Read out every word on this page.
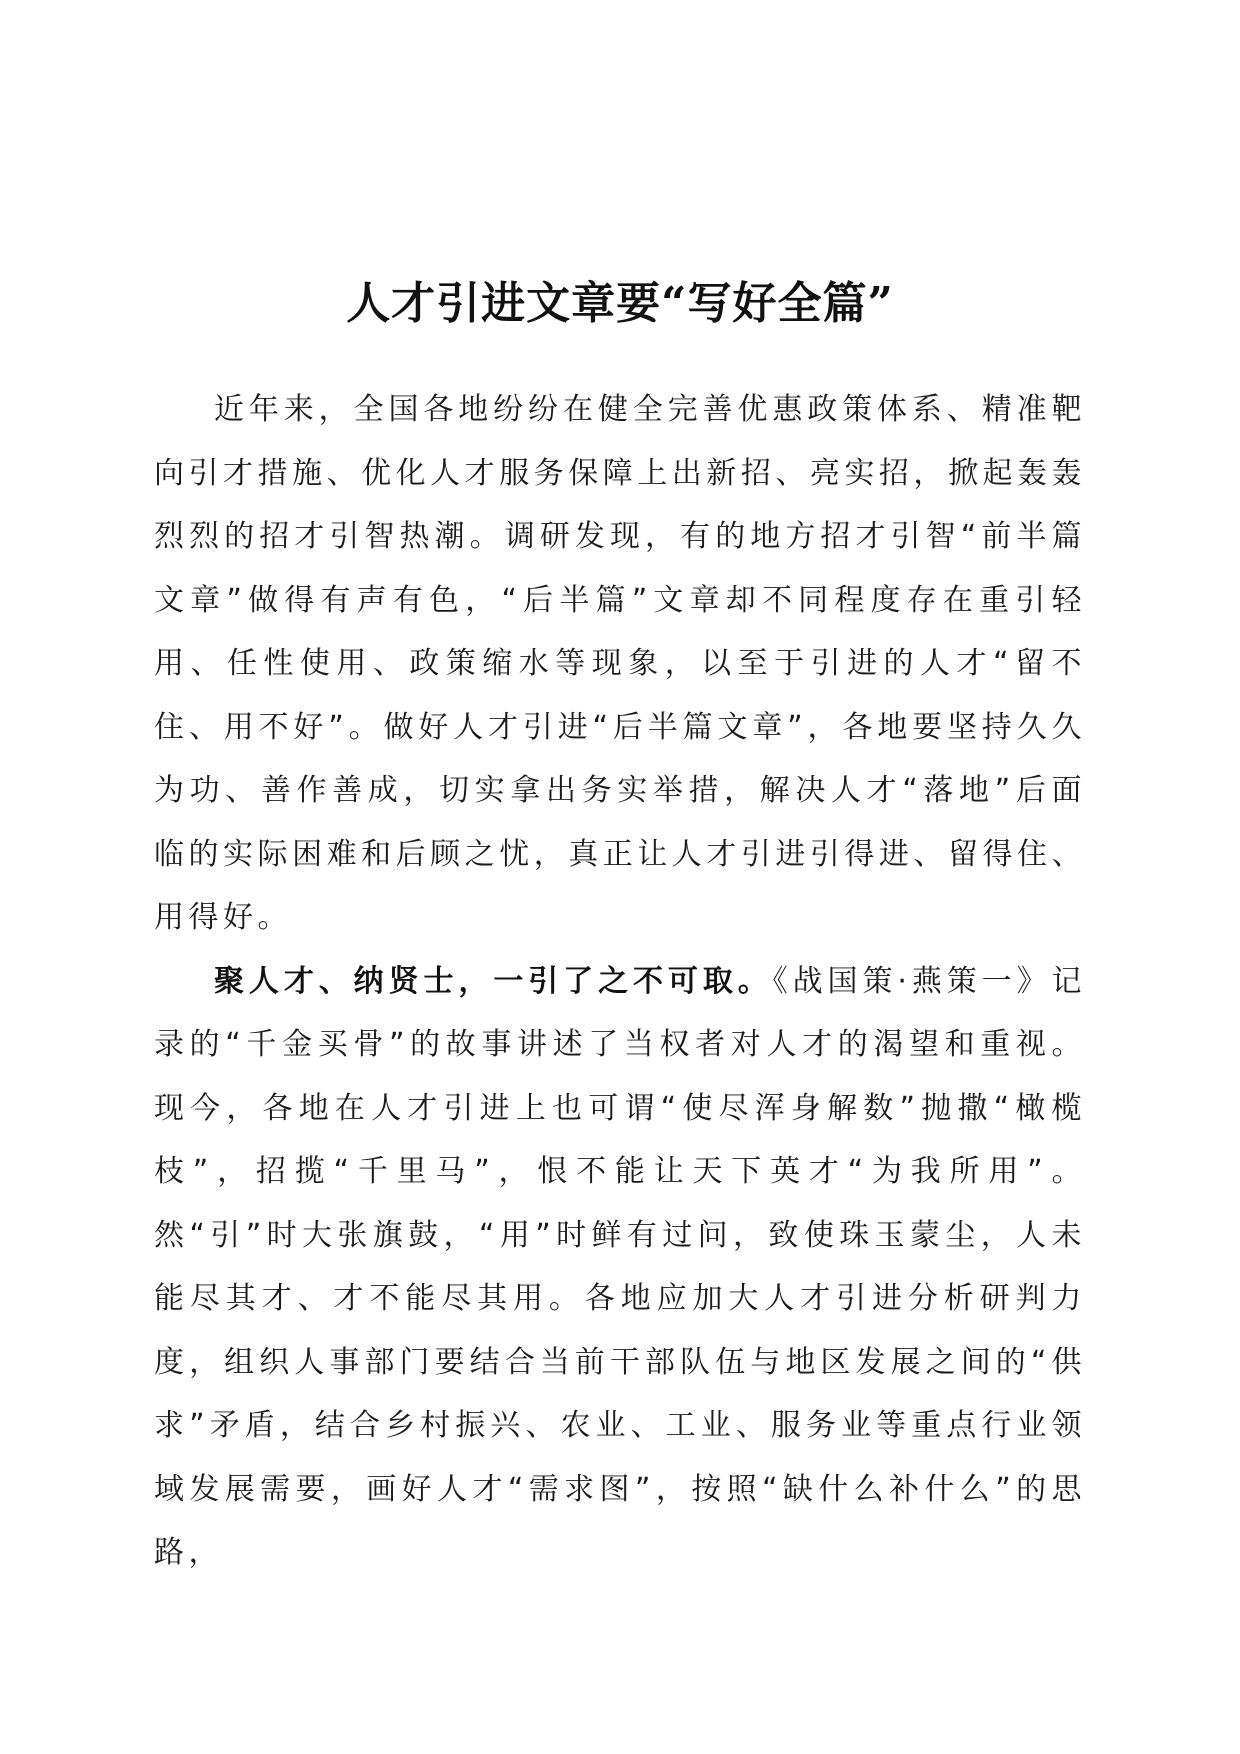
人才引进文章要“写好全篇”

近年来，全国各地纷纷在健全完善优惠政策体系、精准靶向引才措施、优化人才服务保障上出新招、亮实招，掀起轰轰烈烈的招才引智热潮。调研发现，有的地方招才引智“前半篇文章”做得有声有色，“后半篇”文章却不同程度存在重引轻用、任性使用、政策缩水等现象，以至于引进的人才“留不住、用不好”。做好人才引进“后半篇文章”，各地要坚持久久为功、善作善成，切实拿出务实举措，解决人才“落地”后面临的实际困难和后顾之忧，真正让人才引进引得进、留得住、用得好。

聚人才、纳贤士，一引了之不可取。《战国策·燕策一》记录的“千金买骨”的故事讲述了当权者对人才的渴望和重视。现今，各地在人才引进上也可谓“使尽浑身解数”抛撒“橄榄枝”，招揽“千里马”，恨不能让天下英才“为我所用”。然“引”时大张旗鼓，“用”时鲜有过问，致使珠玉蒙尘，人未能尽其才、才不能尽其用。各地应加大人才引进分析研判力度，组织人事部门要结合当前干部队伍与地区发展之间的“供求”矛盾，结合乡村振兴、农业、工业、服务业等重点行业领域发展需要，画好人才“需求图”，按照“缺什么补什么”的思路，
